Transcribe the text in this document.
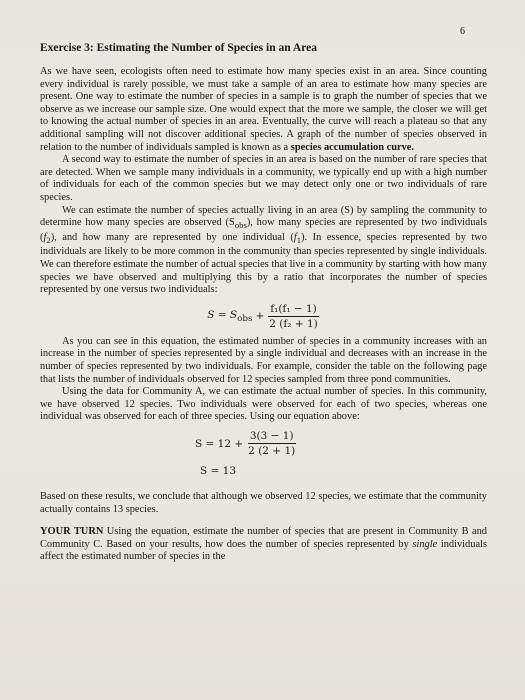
6
Exercise 3: Estimating the Number of Species in an Area

As we have seen, ecologists often need to estimate how many species exist in an area. Since counting every individual is rarely possible, we must take a sample of an area to estimate how many species are present. One way to estimate the number of species in a sample is to graph the number of species that we observe as we increase our sample size. One would expect that the more we sample, the closer we will get to knowing the actual number of species in an area. Eventually, the curve will reach a plateau so that any additional sampling will not discover additional species. A graph of the number of species observed in relation to the number of individuals sampled is known as a species accumulation curve.

A second way to estimate the number of species in an area is based on the number of rare species that are detected. When we sample many individuals in a community, we typically end up with a high number of individuals for each of the common species but we may detect only one or two individuals of rare species.

We can estimate the number of species actually living in an area (S) by sampling the community to determine how many species are observed $(S_{obs})$, how many species are represented by two individuals $(f_2)$, and how many are represented by one individual $(f_1)$. In essence, species represented by two individuals are likely to be more common in the community than species represented by single individuals. We can therefore estimate the number of actual species that live in a community by starting with how many species we have observed and multiplying this by a ratio that incorporates the number of species represented by one versus two individuals:

$S = S_{obs} + \frac{\text{f₁(f₁ − 1)}}{\text{2 (f₂ + 1)}}$

As you can see in this equation, the estimated number of species in a community increases with an increase in the number of species represented by a single individual and decreases with an increase in the number of species represented by two individuals. For example, consider the table on the following page that lists the number of individuals observed for 12 species sampled from three pond communities.

Using the data for Community A, we can estimate the actual number of species. In this community, we have observed 12 species. Two individuals were observed for each of two species, whereas one individual was observed for each of three species. Using our equation above:

$S = 12 + \frac{3(3 - 1)}{2 (2 + 1)}$
S = 13

Based on these results, we conclude that although we observed 12 species, we estimate that the community actually contains 13 species.

YOUR TURN Using the equation, estimate the number of species that are present in Community B and Community C. Based on your results, how does the number of species represented by single individuals affect the estimated number of species in the
